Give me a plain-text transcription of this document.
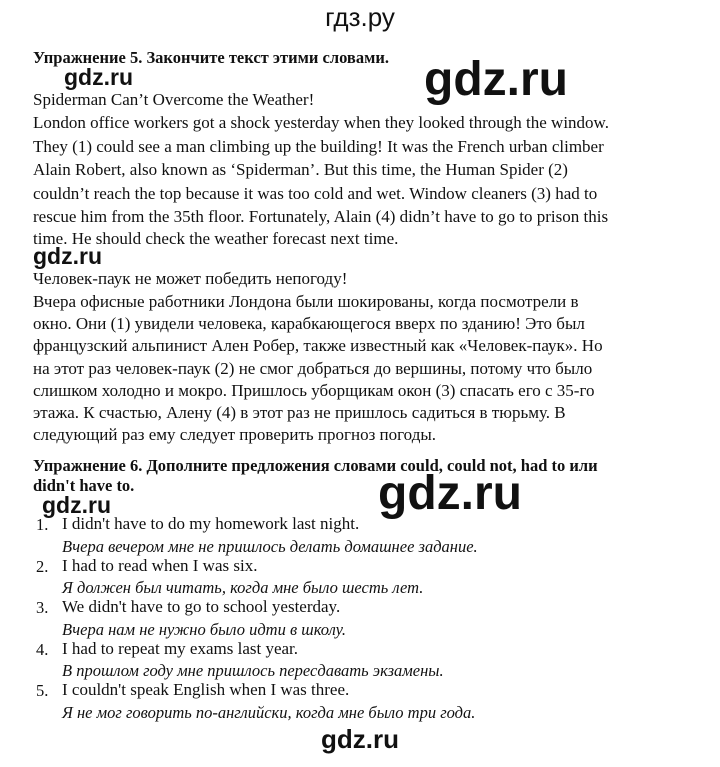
гдз.ру
Упражнение 5. Закончите текст этими словами.
gdz.ru	gdz.ru
Spiderman Can’t Overcome the Weather!
London office workers got a shock yesterday when they looked through the window.
They (1) could see a man climbing up the building! It was the French urban climber
Alain Robert, also known as ‘Spiderman’. But this time, the Human Spider (2)
couldn’t reach the top because it was too cold and wet. Window cleaners (3) had to
rescue him from the 35th floor. Fortunately, Alain (4) didn’t have to go to prison this
time. He should check the weather forecast next time.
gdz.ru
Человек-паук не может победить непогоду!
Вчера офисные работники Лондона были шокированы, когда посмотрели в
окно. Они (1) увидели человека, карабкающегося вверх по зданию! Это был
французский альпинист Ален Робер, также известный как «Человек-паук». Но
на этот раз человек-паук (2) не смог добраться до вершины, потому что было
слишком холодно и мокро. Пришлось уборщикам окон (3) спасать его с 35-го
этажа. К счастью, Алену (4) в этот раз не пришлось садиться в тюрьму. В
следующий раз ему следует проверить прогноз погоды.
Упражнение 6. Дополните предложения словами could, could not, had to или
didn't have to.
gdz.ru	gdz.ru
1. I didn't have to do my homework last night.
Вчера вечером мне не пришлось делать домашнее задание.
2. I had to read when I was six.
Я должен был читать, когда мне было шесть лет.
3. We didn't have to go to school yesterday.
Вчера нам не нужно было идти в школу.
4. I had to repeat my exams last year.
В прошлом году мне пришлось пересдавать экзамены.
5. I couldn't speak English when I was three.
Я не мог говорить по-английски, когда мне было три года.
gdz.ru
